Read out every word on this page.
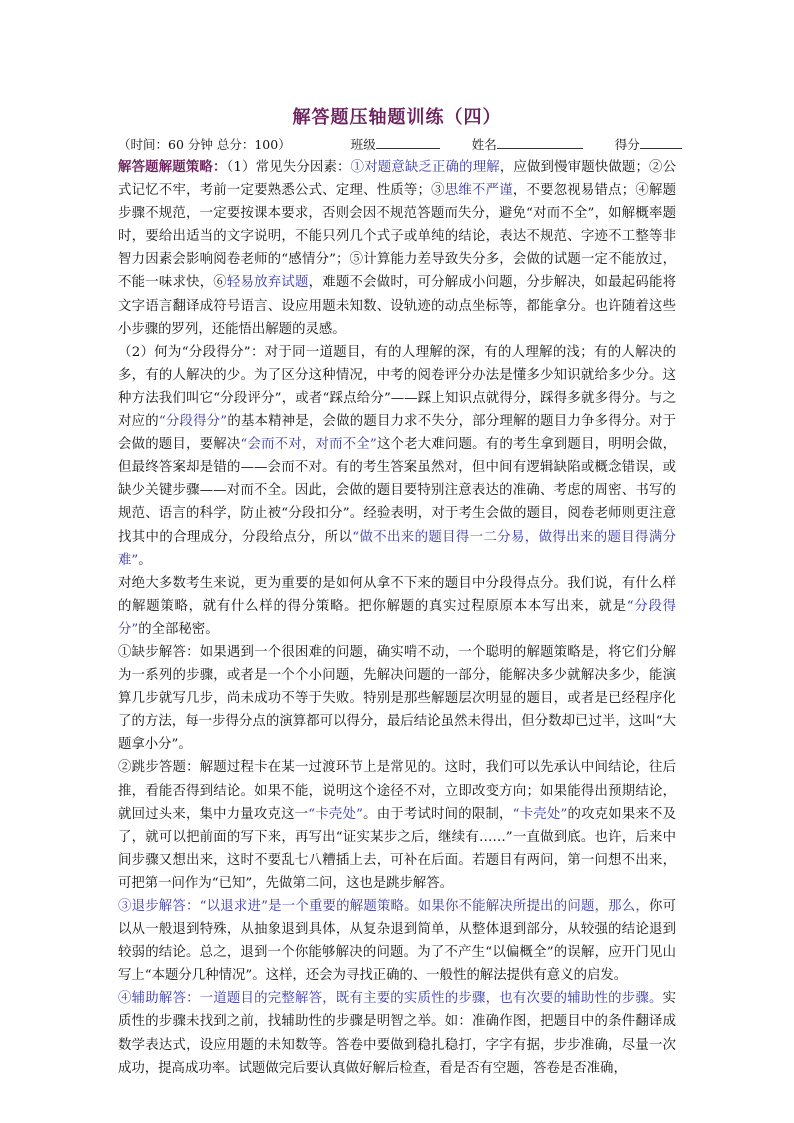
解答题压轴题训练（四）
（时间：60 分钟 总分：100）	班级	姓名	得分

解答题解题策略：（1）常见失分因素：①对题意缺乏正确的理解，应做到慢审题快做题；②公式记忆不牢，考前一定要熟悉公式、定理、性质等；③思维不严谨，不要忽视易错点；④解题步骤不规范，一定要按课本要求，否则会因不规范答题而失分，避免“对而不全”，如解概率题时，要给出适当的文字说明，不能只列几个式子或单纯的结论，表达不规范、字迹不工整等非智力因素会影响阅卷老师的“感情分”；⑤计算能力差导致失分多，会做的试题一定不能放过，不能一味求快，⑥轻易放弃试题，难题不会做时，可分解成小问题，分步解决，如最起码能将文字语言翻译成符号语言、设应用题未知数、设轨迹的动点坐标等，都能拿分。也许随着这些小步骤的罗列，还能悟出解题的灵感。

（2）何为“分段得分”：对于同一道题目，有的人理解的深，有的人理解的浅；有的人解决的多，有的人解决的少。为了区分这种情况，中考的阅卷评分办法是懂多少知识就给多少分。这种方法我们叫它“分段评分”，或者“踩点给分”——踩上知识点就得分，踩得多就多得分。与之对应的“分段得分”的基本精神是，会做的题目力求不失分，部分理解的题目力争多得分。对于会做的题目，要解决“会而不对，对而不全”这个老大难问题。有的考生拿到题目，明明会做，但最终答案却是错的——会而不对。有的考生答案虽然对，但中间有逻辑缺陷或概念错误，或缺少关键步骤——对而不全。因此，会做的题目要特别注意表达的准确、考虑的周密、书写的规范、语言的科学，防止被“分段扣分”。经验表明，对于考生会做的题目，阅卷老师则更注意找其中的合理成分，分段给点分，所以“做不出来的题目得一二分易，做得出来的题目得满分难”。

对绝大多数考生来说，更为重要的是如何从拿不下来的题目中分段得点分。我们说，有什么样的解题策略，就有什么样的得分策略。把你解题的真实过程原原本本写出来，就是“分段得分”的全部秘密。

①缺步解答：如果遇到一个很困难的问题，确实啃不动，一个聪明的解题策略是，将它们分解为一系列的步骤，或者是一个个小问题，先解决问题的一部分，能解决多少就解决多少，能演算几步就写几步，尚未成功不等于失败。特别是那些解题层次明显的题目，或者是已经程序化了的方法，每一步得分点的演算都可以得分，最后结论虽然未得出，但分数却已过半，这叫“大题拿小分”。

②跳步答题：解题过程卡在某一过渡环节上是常见的。这时，我们可以先承认中间结论，往后推，看能否得到结论。如果不能，说明这个途径不对，立即改变方向；如果能得出预期结论，就回过头来，集中力量攻克这一“卡壳处”。由于考试时间的限制，“卡壳处”的攻克如果来不及了，就可以把前面的写下来，再写出“证实某步之后，继续有……”一直做到底。也许，后来中间步骤又想出来，这时不要乱七八糟插上去，可补在后面。若题目有两问，第一问想不出来，可把第一问作为“已知”，先做第二问，这也是跳步解答。

③退步解答：“以退求进”是一个重要的解题策略。如果你不能解决所提出的问题，那么，你可以从一般退到特殊，从抽象退到具体，从复杂退到简单，从整体退到部分，从较强的结论退到较弱的结论。总之，退到一个你能够解决的问题。为了不产生“以偏概全”的误解，应开门见山写上“本题分几种情况”。这样，还会为寻找正确的、一般性的解法提供有意义的启发。

④辅助解答：一道题目的完整解答，既有主要的实质性的步骤，也有次要的辅助性的步骤。实质性的步骤未找到之前，找辅助性的步骤是明智之举。如：准确作图，把题目中的条件翻译成数学表达式，设应用题的未知数等。答卷中要做到稳扎稳打，字字有据，步步准确，尽量一次成功，提高成功率。试题做完后要认真做好解后检查，看是否有空题，答卷是否准确，
